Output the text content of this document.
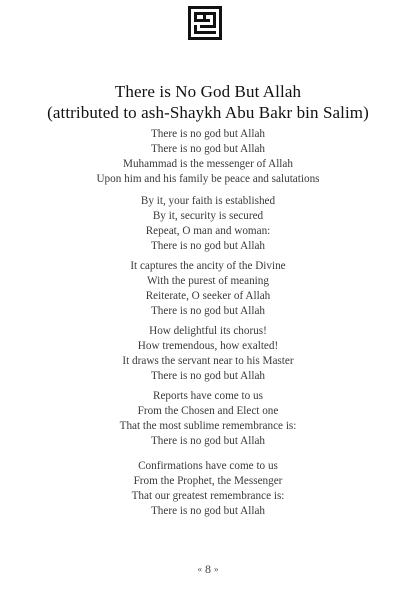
There is No God But Allah
(attributed to ash-Shaykh Abu Bakr bin Salim)
There is no god but Allah
There is no god but Allah
Muhammad is the messenger of Allah
Upon him and his family be peace and salutations
By it, your faith is established
By it, security is secured
Repeat, O man and woman:
There is no god but Allah
It captures the ancity of the Divine
With the purest of meaning
Reiterate, O seeker of Allah
There is no god but Allah
How delightful its chorus!
How tremendous, how exalted!
It draws the servant near to his Master
There is no god but Allah
Reports have come to us
From the Chosen and Elect one
That the most sublime remembrance is:
There is no god but Allah
Confirmations have come to us
From the Prophet, the Messenger
That our greatest remembrance is:
There is no god but Allah
« 8 »
